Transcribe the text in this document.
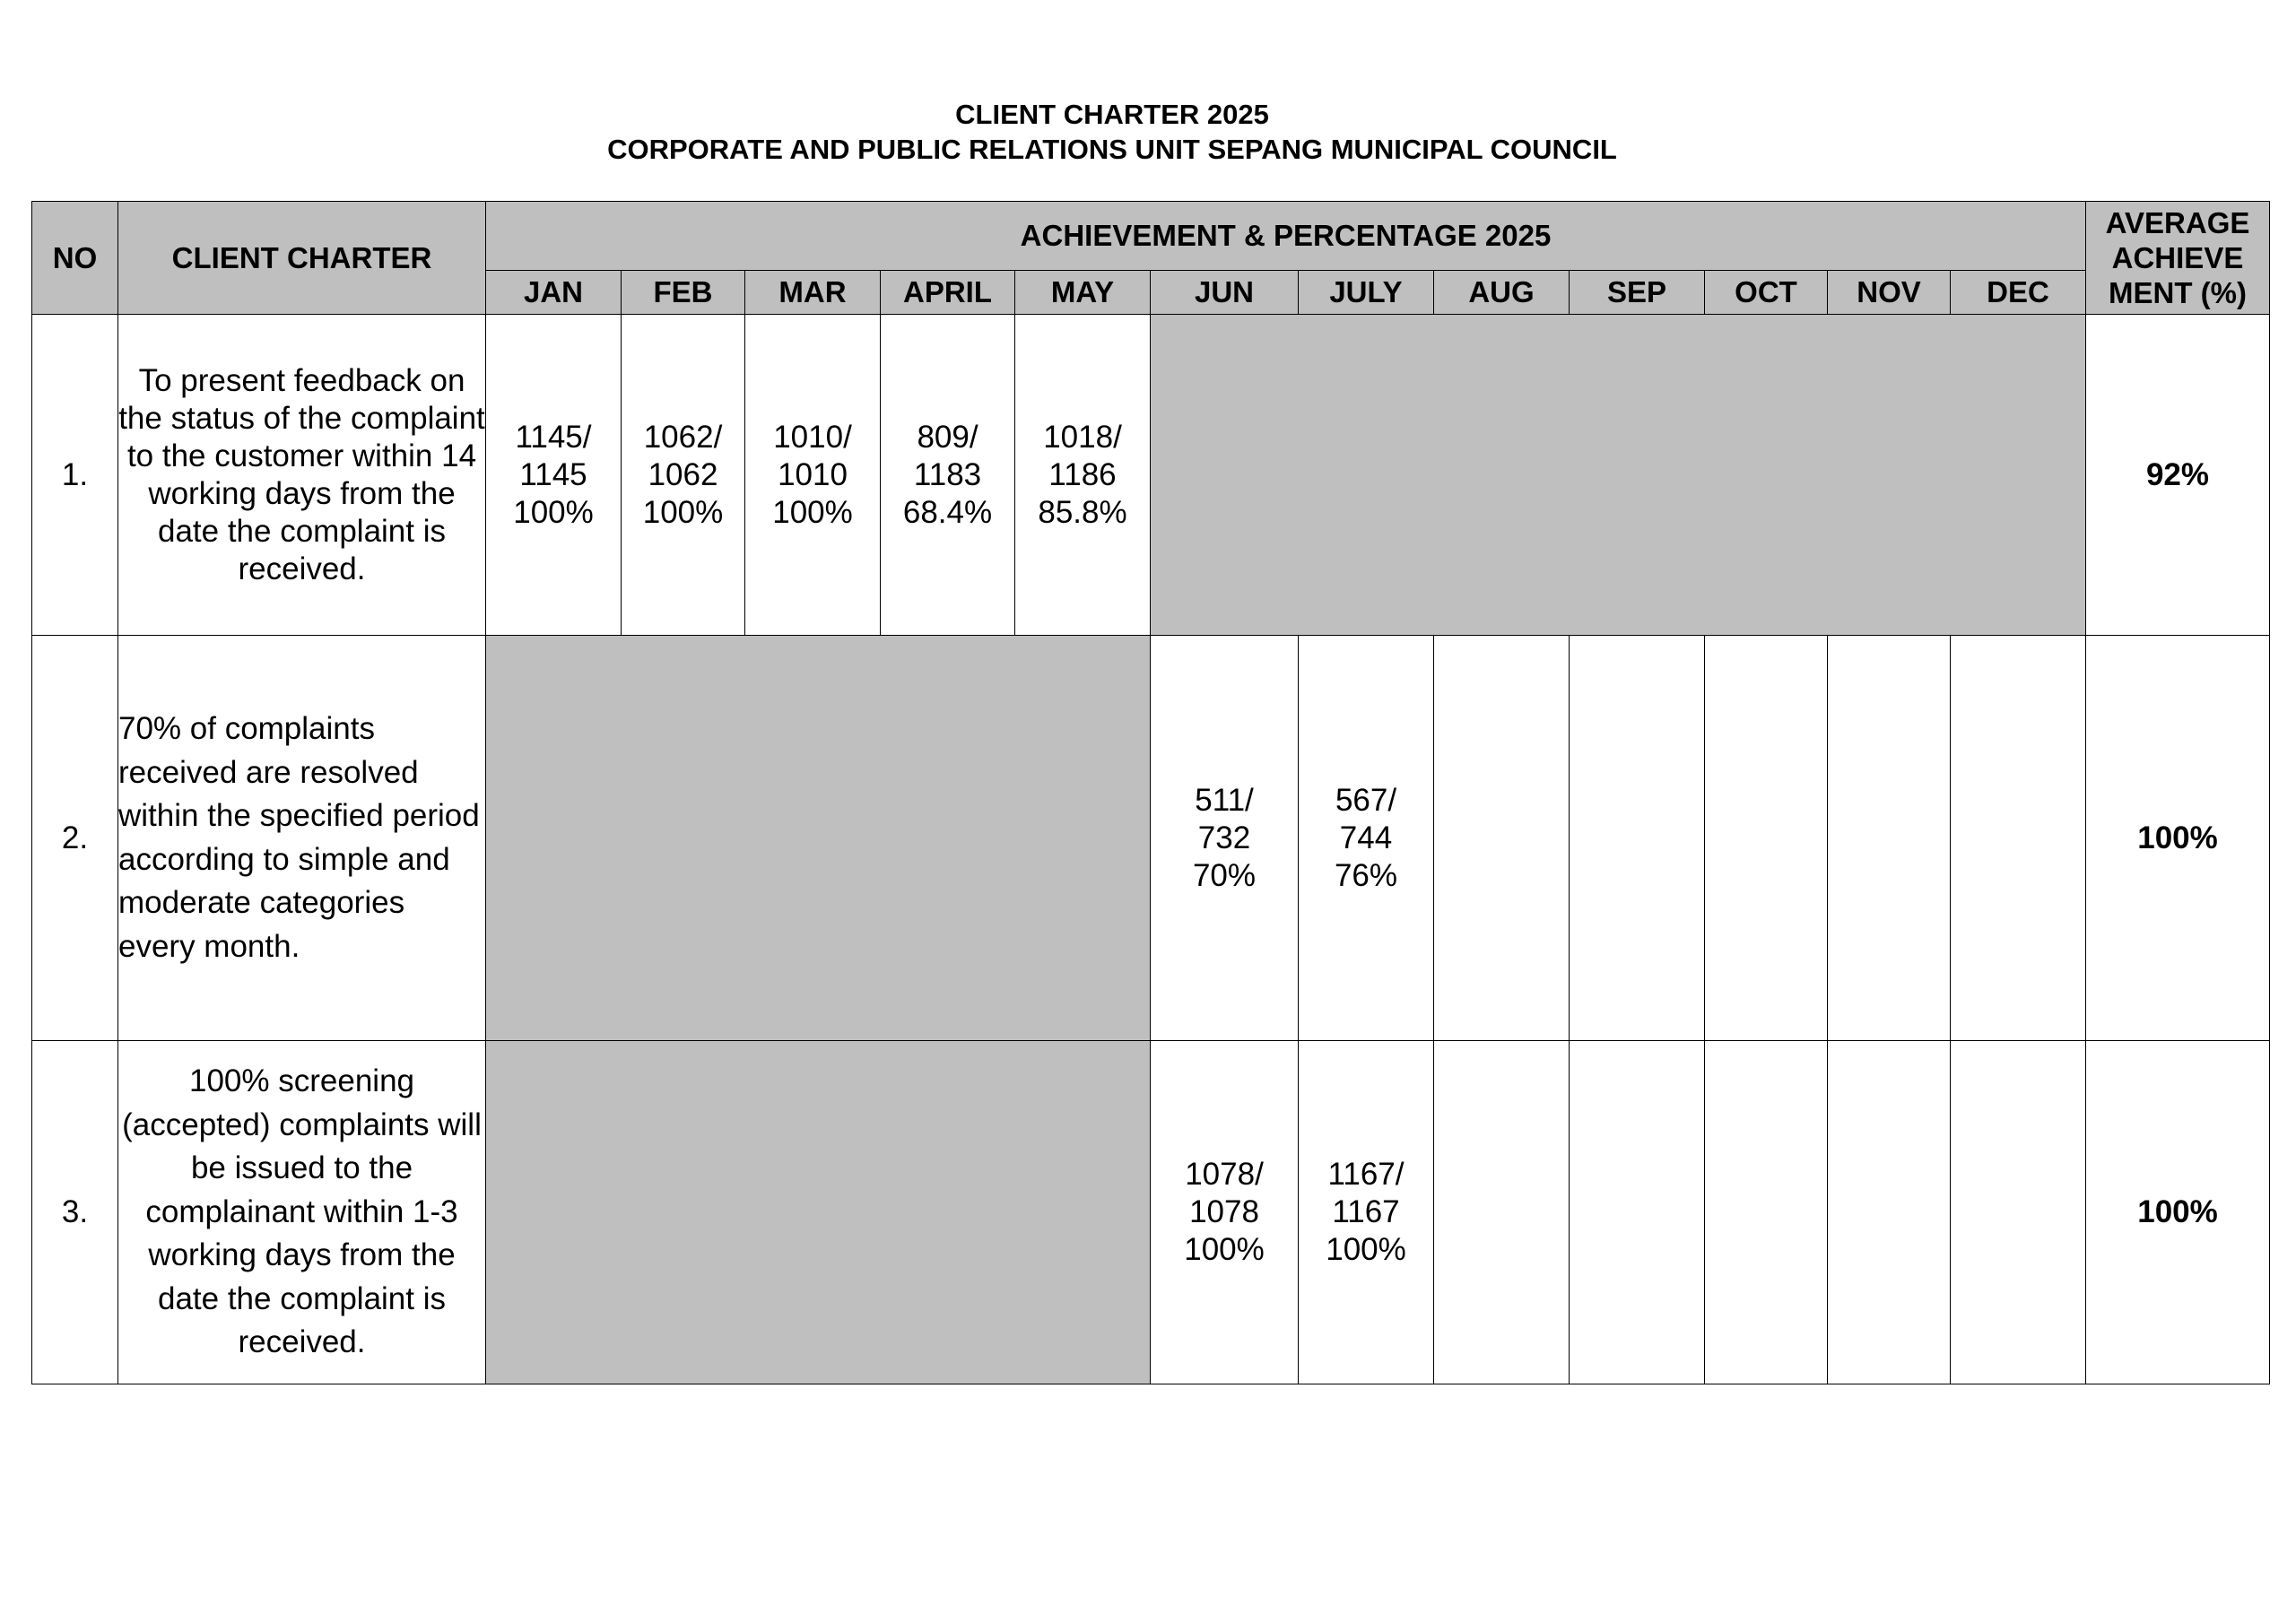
CLIENT CHARTER 2025
CORPORATE AND PUBLIC RELATIONS UNIT SEPANG MUNICIPAL COUNCIL
NO	CLIENT CHARTER	ACHIEVEMENT & PERCENTAGE 2025												AVERAGE
ACHIEVE
MENT (%)

		JAN	FEB	MAR	APRIL	MAY	JUN	JULY	AUG	SEP	OCT	NOV	DEC	
1.	To present feedback on the status of the complaint to the customer within 14 working days from the date the complaint is received.	1145/
1145
100%	1062/
1062
100%	1010/
1010
100%	809/
1183
68.4%	1018/
1186
85.8%								92%
2.	70% of complaints received are resolved within the specified period according to simple and moderate categories every month.						511/
732
70%	567/
744
76%						100%
3.	100% screening (accepted) complaints will be issued to the complainant within 1-3 working days from the date the complaint is received.						1078/
1078
100%	1167/
1167
100%						100%
